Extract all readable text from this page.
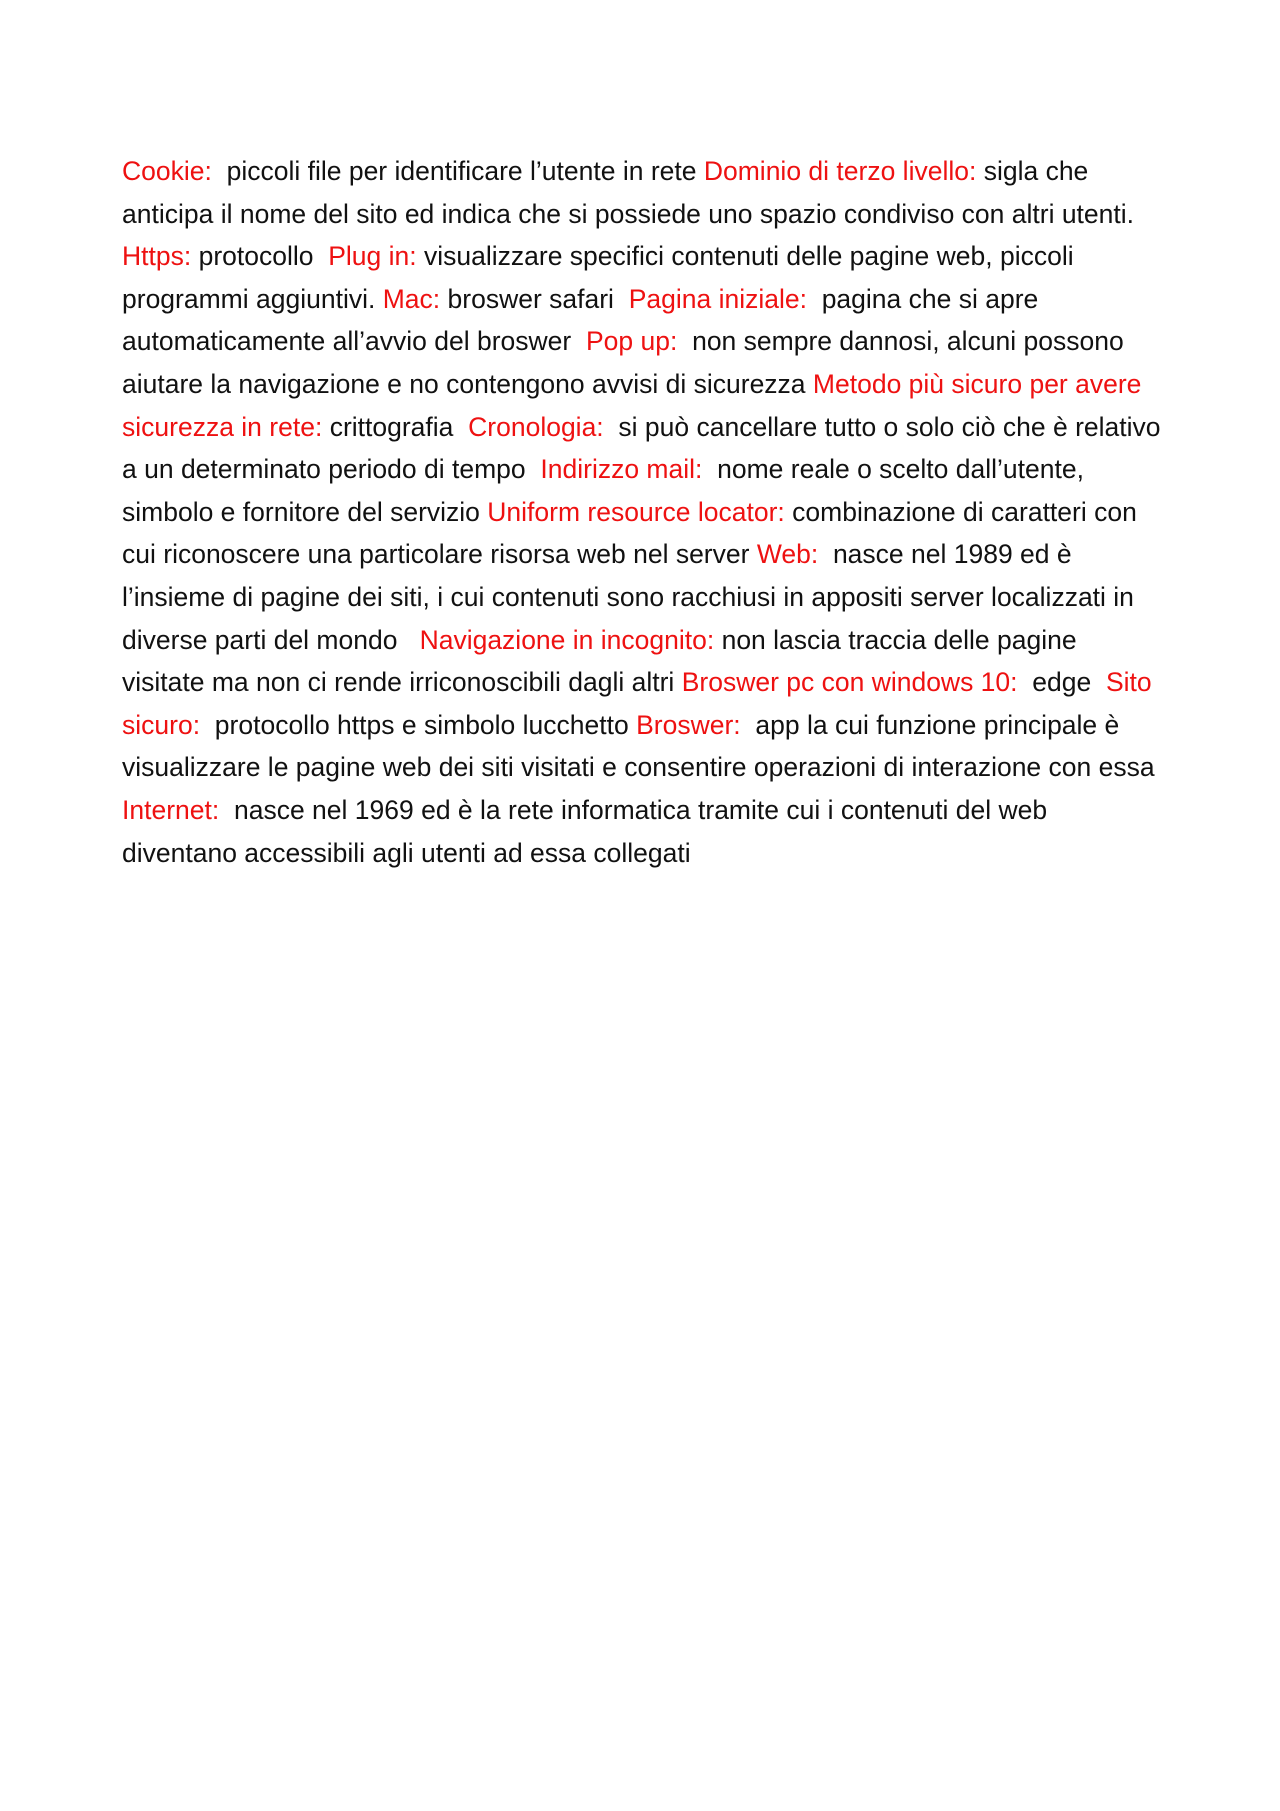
Cookie: piccoli file per identificare l’utente in rete Dominio di terzo livello: sigla che anticipa il nome del sito ed indica che si possiede uno spazio condiviso con altri utenti. Https: protocollo Plug in: visualizzare specifici contenuti delle pagine web, piccoli programmi aggiuntivi. Mac: broswer safari Pagina iniziale: pagina che si apre automaticamente all’avvio del broswer Pop up: non sempre dannosi, alcuni possono aiutare la navigazione e no contengono avvisi di sicurezza Metodo più sicuro per avere sicurezza in rete: crittografia Cronologia: si può cancellare tutto o solo ciò che è relativo a un determinato periodo di tempo Indirizzo mail: nome reale o scelto dall’utente, simbolo e fornitore del servizio Uniform resource locator: combinazione di caratteri con cui riconoscere una particolare risorsa web nel server Web: nasce nel 1989 ed è l’insieme di pagine dei siti, i cui contenuti sono racchiusi in appositi server localizzati in diverse parti del mondo Navigazione in incognito: non lascia traccia delle pagine visitate ma non ci rende irriconoscibili dagli altri Broswer pc con windows 10: edge Sito sicuro: protocollo https e simbolo lucchetto Broswer: app la cui funzione principale è visualizzare le pagine web dei siti visitati e consentire operazioni di interazione con essa Internet: nasce nel 1969 ed è la rete informatica tramite cui i contenuti del web diventano accessibili agli utenti ad essa collegati
